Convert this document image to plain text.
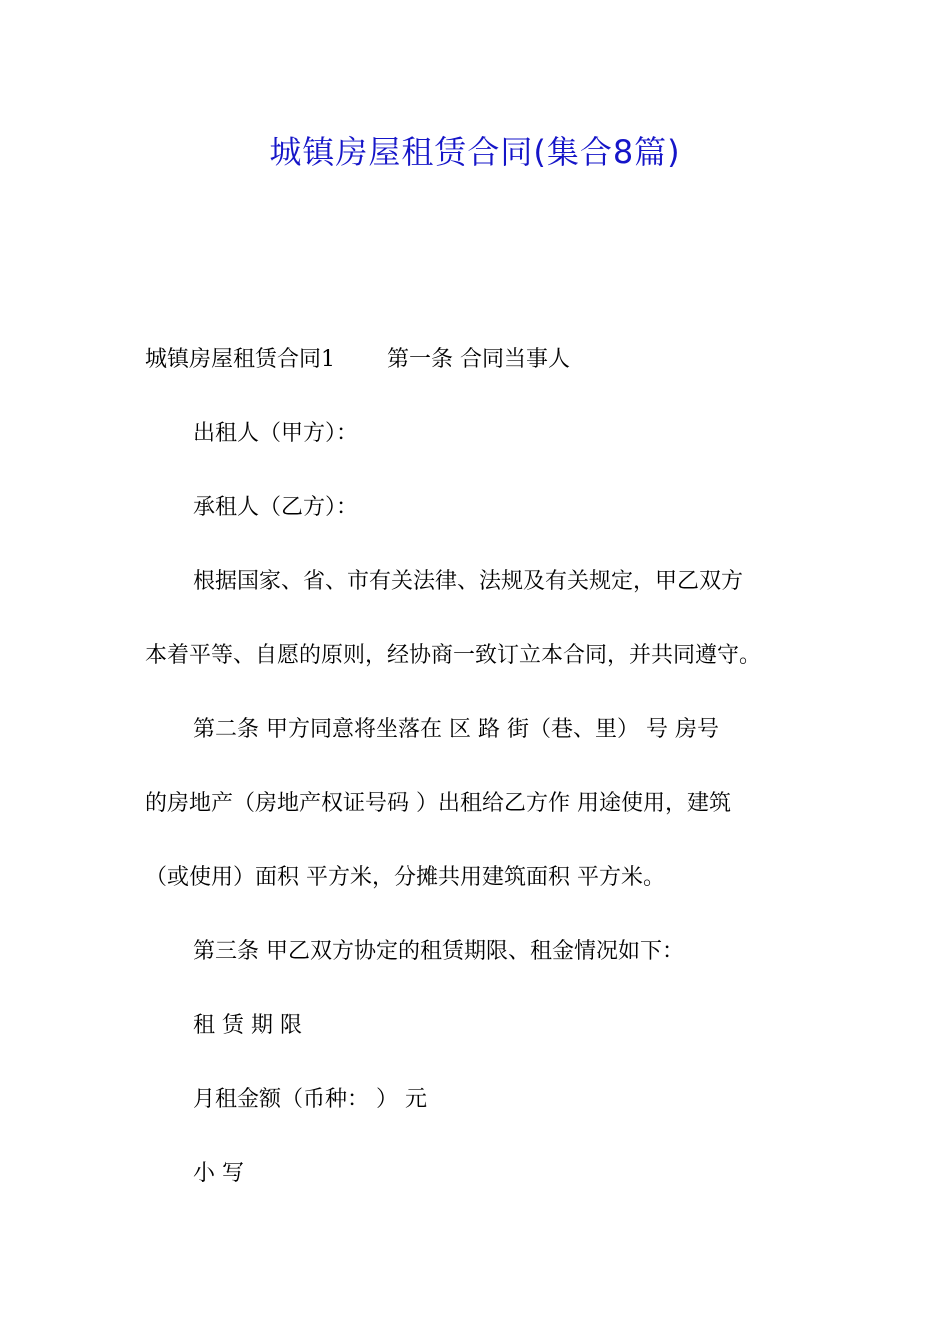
城镇房屋租赁合同(集合8篇)
城镇房屋租赁合同1 第一条 合同当事人
出租人（甲方）：
承租人（乙方）：
根据国家、省、市有关法律、法规及有关规定，甲乙双方
本着平等、自愿的原则，经协商一致订立本合同，并共同遵守。
第二条 甲方同意将坐落在 区 路 街（巷、里） 号 房号
的房地产（房地产权证号码 ）出租给乙方作 用途使用，建筑
（或使用）面积 平方米，分摊共用建筑面积 平方米。
第三条 甲乙双方协定的租赁期限、租金情况如下：
租 赁 期 限
月租金额（币种： ） 元
小 写
